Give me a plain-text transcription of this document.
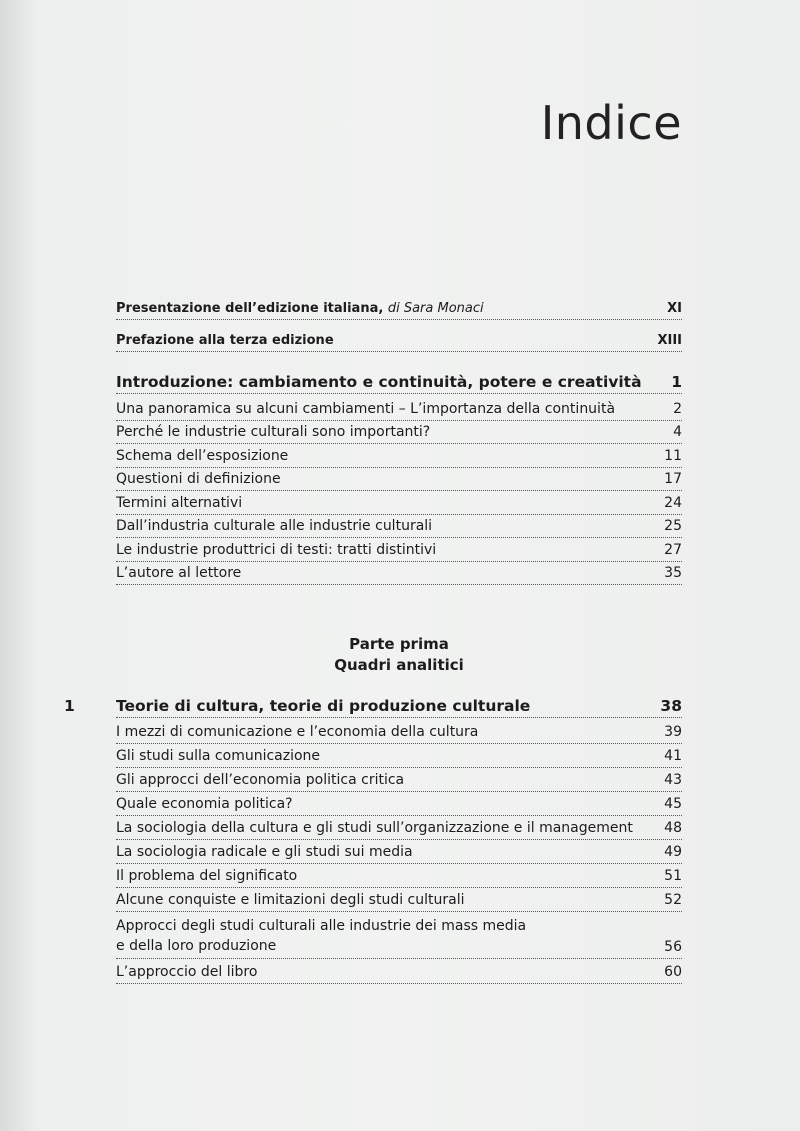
Indice
Presentazione dell’edizione italiana, di Sara Monaci	XI
Prefazione alla terza edizione	XIII
Introduzione: cambiamento e continuità, potere e creatività 1
Una panoramica su alcuni cambiamenti – L’importanza della continuità	2
Perché le industrie culturali sono importanti?	4
Schema dell’esposizione	11
Questioni di definizione	17
Termini alternativi	24
Dall’industria culturale alle industrie culturali	25
Le industrie produttrici di testi: tratti distintivi	27
L’autore al lettore	35
Parte prima
Quadri analitici
1	Teorie di cultura, teorie di produzione culturale	38
I mezzi di comunicazione e l’economia della cultura	39
Gli studi sulla comunicazione	41
Gli approcci dell’economia politica critica	43
Quale economia politica?	45
La sociologia della cultura e gli studi sull’organizzazione e il management 48
La sociologia radicale e gli studi sui media	49
Il problema del significato	51
Alcune conquiste e limitazioni degli studi culturali	52
Approcci degli studi culturali alle industrie dei mass media
e della loro produzione	56
L’approccio del libro	60
